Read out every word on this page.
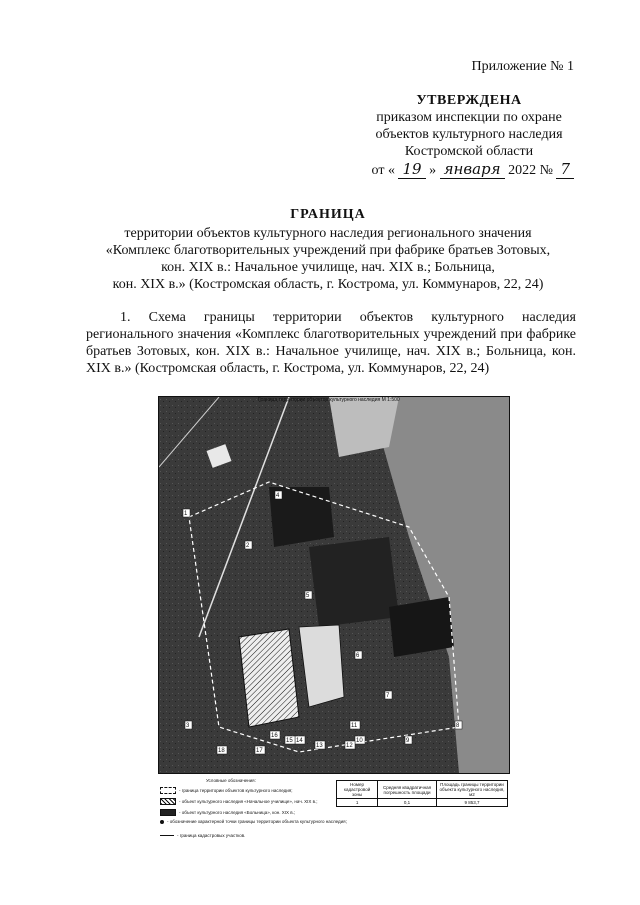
Приложение № 1
УТВЕРЖДЕНА
приказом инспекции по охране
объектов культурного наследия
Костромской области
от « 19 » января 2022 № 7
ГРАНИЦА
территории объектов культурного наследия регионального значения
«Комплекс благотворительных учреждений при фабрике братьев Зотовых,
кон. XIX в.: Начальное училище, нач. XIX в.; Больница,
кон. XIX в.» (Костромская область, г. Кострома, ул. Коммунаров, 22, 24)
1. Схема границы территории объектов культурного наследия регионального значения «Комплекс благотворительных учреждений при фабрике братьев Зотовых, кон. XIX в.: Начальное училище, нач. XIX в.; Больница, кон. XIX в.» (Костромская область, г. Кострома, ул. Коммунаров, 22, 24)
Граница территории объектов культурного наследия М 1:500
1
2
3
4
5
6
7
8
9
10
11
12
13
14
15
16
17
18
Условные обозначения:
- граница территории объектов культурного наследия;
- объект культурного наследия «Начальное училище», нач. XIX в.;
- объект культурного наследия «Больница», кон. XIX в.;
- обозначение характерной точки границы территории объекта культурного наследия;
- граница кадастровых участков.
Номер кадастровой зоны	Средняя квадратичная погрешность площади	Площадь границы территории объекта культурного наследия, м2
1	0,1	9 853,7
